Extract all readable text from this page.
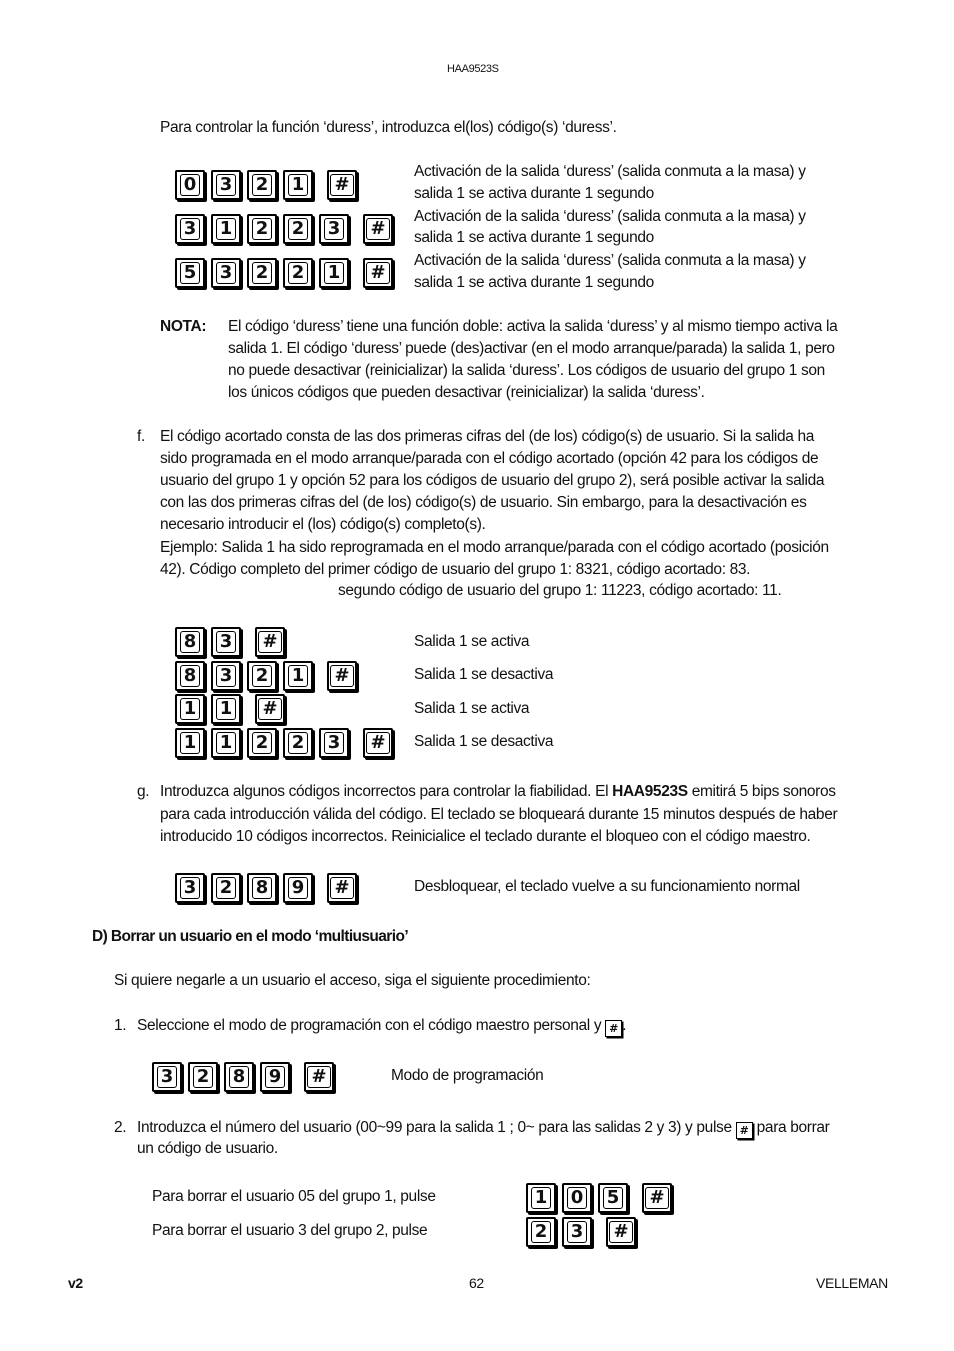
HAA9523S
Para controlar la función ‘duress’, introduzca el(los) código(s) ‘duress’.
0 3 2 1 #
Activación de la salida ‘duress’ (salida conmuta a la masa) y
salida 1 se activa durante 1 segundo
3 1 2 2 3 #
Activación de la salida ‘duress’ (salida conmuta a la masa) y
salida 1 se activa durante 1 segundo
5 3 2 2 1 #
Activación de la salida ‘duress’ (salida conmuta a la masa) y
salida 1 se activa durante 1 segundo
NOTA: El código ‘duress’ tiene una función doble: activa la salida ‘duress’ y al mismo tiempo activa la
salida 1. El código ‘duress’ puede (des)activar (en el modo arranque/parada) la salida 1, pero
no puede desactivar (reinicializar) la salida ‘duress’. Los códigos de usuario del grupo 1 son
los únicos códigos que pueden desactivar (reinicializar) la salida ‘duress’.
f. El código acortado consta de las dos primeras cifras del (de los) código(s) de usuario. Si la salida ha
sido programada en el modo arranque/parada con el código acortado (opción 42 para los códigos de
usuario del grupo 1 y opción 52 para los códigos de usuario del grupo 2), será posible activar la salida
con las dos primeras cifras del (de los) código(s) de usuario. Sin embargo, para la desactivación es
necesario introducir el (los) código(s) completo(s).
Ejemplo: Salida 1 ha sido reprogramada en el modo arranque/parada con el código acortado (posición
42). Código completo del primer código de usuario del grupo 1: 8321, código acortado: 83.
segundo código de usuario del grupo 1: 11223, código acortado: 11.
8 3 #	Salida 1 se activa
8 3 2 1 #	Salida 1 se desactiva
1 1 #	Salida 1 se activa
1 1 2 2 3 # Salida 1 se desactiva
g. Introduzca algunos códigos incorrectos para controlar la fiabilidad. El HAA9523S emitirá 5 bips sonoros
para cada introducción válida del código. El teclado se bloqueará durante 15 minutos después de haber
introducido 10 códigos incorrectos. Reinicialice el teclado durante el bloqueo con el código maestro.
3 2 8 9 #	Desbloquear, el teclado vuelve a su funcionamiento normal
D) Borrar un usuario en el modo ‘multiusuario’
Si quiere negarle a un usuario el acceso, siga el siguiente procedimiento:
1. Seleccione el modo de programación con el código maestro personal y # .
3 2 8 9 #	Modo de programación
2. Introduzca el número del usuario (00~99 para la salida 1 ; 0~ para las salidas 2 y 3) y pulse # para borrar
un código de usuario.
Para borrar el usuario 05 del grupo 1, pulse	1 0 5 #
Para borrar el usuario 3 del grupo 2, pulse	2 3 #
v2	62	VELLEMAN
